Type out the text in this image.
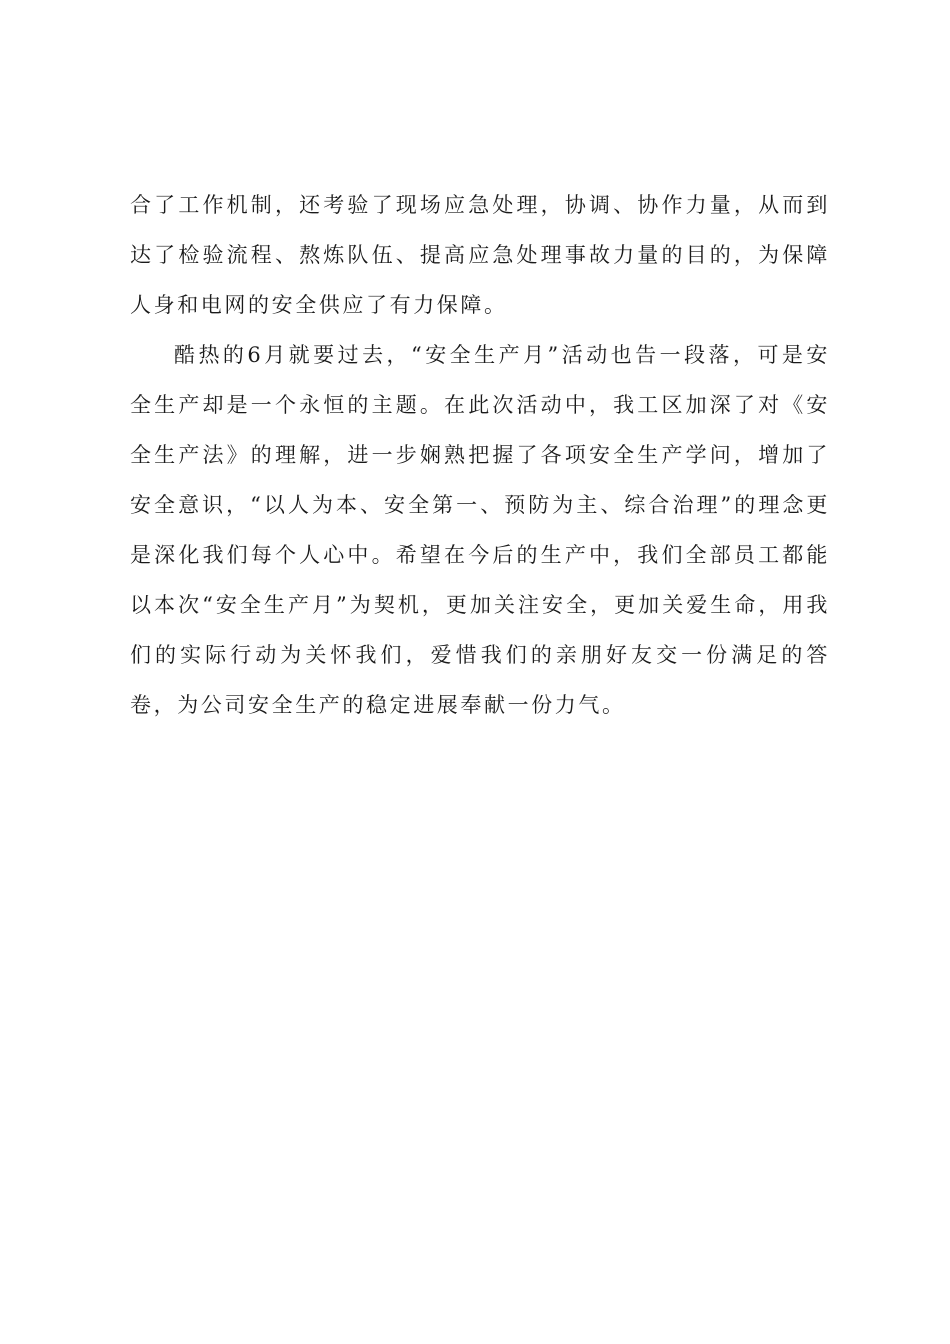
合了工作机制，还考验了现场应急处理，协调、协作力量，从而到达了检验流程、熬炼队伍、提高应急处理事故力量的目的，为保障人身和电网的安全供应了有力保障。

酷热的6月就要过去，“安全生产月”活动也告一段落，可是安全生产却是一个永恒的主题。在此次活动中，我工区加深了对《安全生产法》的理解，进一步娴熟把握了各项安全生产学问，增加了安全意识，“以人为本、安全第一、预防为主、综合治理”的理念更是深化我们每个人心中。希望在今后的生产中，我们全部员工都能以本次“安全生产月”为契机，更加关注安全，更加关爱生命，用我们的实际行动为关怀我们，爱惜我们的亲朋好友交一份满足的答卷，为公司安全生产的稳定进展奉献一份力气。
